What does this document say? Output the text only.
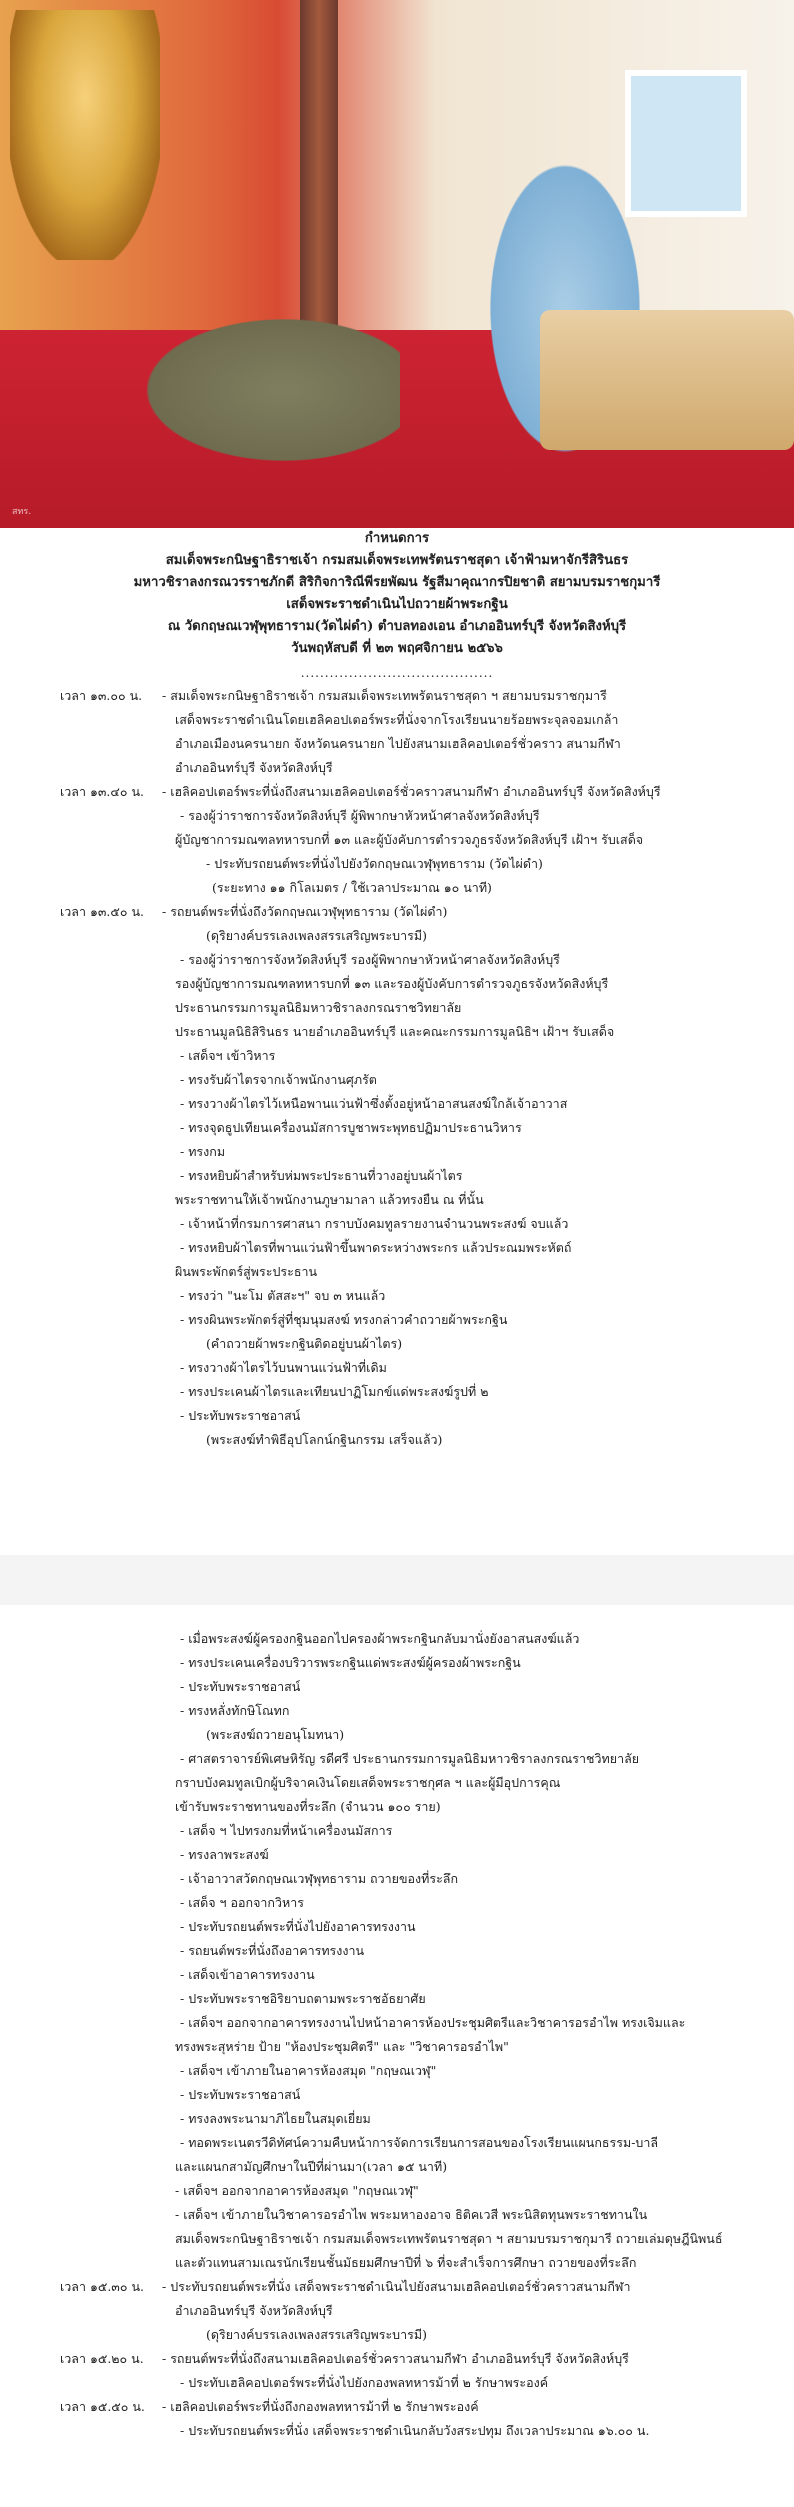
สทร.

กำหนดการ

สมเด็จพระกนิษฐาธิราชเจ้า กรมสมเด็จพระเทพรัตนราชสุดา เจ้าฟ้ามหาจักรีสิรินธร

มหาวชิราลงกรณวรราชภักดี สิริกิจการิณีพีรยพัฒน รัฐสีมาคุณากรปิยชาติ สยามบรมราชกุมารี

เสด็จพระราชดำเนินไปถวายผ้าพระกฐิน

ณ วัดกฤษณเวฬุพุทธาราม(วัดไผ่ดำ) ตำบลทองเอน อำเภออินทร์บุรี จังหวัดสิงห์บุรี

วันพฤหัสบดี ที่ ๒๓ พฤศจิกายน ๒๕๖๖

........................................
เวลา ๑๓.๐๐ น. - สมเด็จพระกนิษฐาธิราชเจ้า กรมสมเด็จพระเทพรัตนราชสุดา ฯ สยามบรมราชกุมารี
เสด็จพระราชดำเนินโดยเฮลิคอปเตอร์พระที่นั่งจากโรงเรียนนายร้อยพระจุลจอมเกล้า
อำเภอเมืองนครนายก จังหวัดนครนายก ไปยังสนามเฮลิคอปเตอร์ชั่วคราว สนามกีฬา
อำเภออินทร์บุรี จังหวัดสิงห์บุรี
เวลา ๑๓.๔๐ น. - เฮลิคอปเตอร์พระที่นั่งถึงสนามเฮลิคอปเตอร์ชั่วคราวสนามกีฬา อำเภออินทร์บุรี จังหวัดสิงห์บุรี
- รองผู้ว่าราชการจังหวัดสิงห์บุรี ผู้พิพากษาหัวหน้าศาลจังหวัดสิงห์บุรี
ผู้บัญชาการมณฑลทหารบกที่ ๑๓ และผู้บังคับการตำรวจภูธรจังหวัดสิงห์บุรี เฝ้าฯ รับเสด็จ
- ประทับรถยนต์พระที่นั่งไปยังวัดกฤษณเวฬุพุทธาราม (วัดไผ่ดำ)
(ระยะทาง ๑๑ กิโลเมตร / ใช้เวลาประมาณ ๑๐ นาที)
เวลา ๑๓.๕๐ น. - รถยนต์พระที่นั่งถึงวัดกฤษณเวฬุพุทธาราม (วัดไผ่ดำ)
(ดุริยางค์บรรเลงเพลงสรรเสริญพระบารมี)
- รองผู้ว่าราชการจังหวัดสิงห์บุรี รองผู้พิพากษาหัวหน้าศาลจังหวัดสิงห์บุรี
รองผู้บัญชาการมณฑลทหารบกที่ ๑๓ และรองผู้บังคับการตำรวจภูธรจังหวัดสิงห์บุรี
ประธานกรรมการมูลนิธิมหาวชิราลงกรณราชวิทยาลัย
ประธานมูลนิธิสิรินธร นายอำเภออินทร์บุรี และคณะกรรมการมูลนิธิฯ เฝ้าฯ รับเสด็จ
- เสด็จฯ เข้าวิหาร
- ทรงรับผ้าไตรจากเจ้าพนักงานศุภรัต
- ทรงวางผ้าไตรไว้เหนือพานแว่นฟ้าซึ่งตั้งอยู่หน้าอาสนสงฆ์ใกล้เจ้าอาวาส
- ทรงจุดธูปเทียนเครื่องนมัสการบูชาพระพุทธปฏิมาประธานวิหาร
- ทรงกม
- ทรงหยิบผ้าสำหรับห่มพระประธานที่วางอยู่บนผ้าไตร
พระราชทานให้เจ้าพนักงานภูษามาลา แล้วทรงยืน ณ ที่นั้น
- เจ้าหน้าที่กรมการศาสนา กราบบังคมทูลรายงานจำนวนพระสงฆ์ จบแล้ว
- ทรงหยิบผ้าไตรที่พานแว่นฟ้าขึ้นพาดระหว่างพระกร แล้วประณมพระหัตถ์
ผินพระพักตร์สู่พระประธาน
- ทรงว่า "นะโม ตัสสะฯ" จบ ๓ หนแล้ว
- ทรงผินพระพักตร์สู่ที่ชุมนุมสงฆ์ ทรงกล่าวคำถวายผ้าพระกฐิน
(คำถวายผ้าพระกฐินติดอยู่บนผ้าไตร)
- ทรงวางผ้าไตรไว้บนพานแว่นฟ้าที่เดิม
- ทรงประเคนผ้าไตรและเทียนปาฏิโมกข์แด่พระสงฆ์รูปที่ ๒
- ประทับพระราชอาสน์
(พระสงฆ์ทำพิธีอุปโลกน์กฐินกรรม เสร็จแล้ว)
- เมื่อพระสงฆ์ผู้ครองกฐินออกไปครองผ้าพระกฐินกลับมานั่งยังอาสนสงฆ์แล้ว
- ทรงประเคนเครื่องบริวารพระกฐินแด่พระสงฆ์ผู้ครองผ้าพระกฐิน
- ประทับพระราชอาสน์
- ทรงหลั่งทักษิโณทก
(พระสงฆ์ถวายอนุโมทนา)
- ศาสตราจารย์พิเศษหิรัญ รดีศรี ประธานกรรมการมูลนิธิมหาวชิราลงกรณราชวิทยาลัย
กราบบังคมทูลเบิกผู้บริจาคเงินโดยเสด็จพระราชกุศล ฯ และผู้มีอุปการคุณ
เข้ารับพระราชทานของที่ระลึก (จำนวน ๑๐๐ ราย)
- เสด็จ ฯ ไปทรงกมที่หน้าเครื่องนมัสการ
- ทรงลาพระสงฆ์
- เจ้าอาวาสวัดกฤษณเวฬุพุทธาราม ถวายของที่ระลึก
- เสด็จ ฯ ออกจากวิหาร
- ประทับรถยนต์พระที่นั่งไปยังอาคารทรงงาน
- รถยนต์พระที่นั่งถึงอาคารทรงงาน
- เสด็จเข้าอาคารทรงงาน
- ประทับพระราชอิริยาบถตามพระราชอัธยาศัย
- เสด็จฯ ออกจากอาคารทรงงานไปหน้าอาคารห้องประชุมศิตรีและวิชาคารอรอำไพ ทรงเจิมและ
ทรงพระสุหร่าย ป้าย "ห้องประชุมศิตรี" และ "วิชาคารอรอำไพ"
- เสด็จฯ เข้าภายในอาคารห้องสมุด "กฤษณเวฬุ"
- ประทับพระราชอาสน์
- ทรงลงพระนามาภิไธยในสมุดเยี่ยม
- ทอดพระเนตรวีดิทัศน์ความคืบหน้าการจัดการเรียนการสอนของโรงเรียนแผนกธรรม-บาลี
และแผนกสามัญศึกษาในปีที่ผ่านมา(เวลา ๑๕ นาที)
- เสด็จฯ ออกจากอาคารห้องสมุด "กฤษณเวฬุ"
- เสด็จฯ เข้าภายในวิชาคารอรอำไพ พระมหาองอาจ ธิติคเวสี พระนิสิตทุนพระราชทานใน
สมเด็จพระกนิษฐาธิราชเจ้า กรมสมเด็จพระเทพรัตนราชสุดา ฯ สยามบรมราชกุมารี ถวายเล่มดุษฎีนิพนธ์
และตัวแทนสามเณรนักเรียนชั้นมัธยมศึกษาปีที่ ๖ ที่จะสำเร็จการศึกษา ถวายของที่ระลึก
เวลา ๑๕.๓๐ น. - ประทับรถยนต์พระที่นั่ง เสด็จพระราชดำเนินไปยังสนามเฮลิคอปเตอร์ชั่วคราวสนามกีฬา
อำเภออินทร์บุรี จังหวัดสิงห์บุรี
(ดุริยางค์บรรเลงเพลงสรรเสริญพระบารมี)
เวลา ๑๕.๒๐ น. - รถยนต์พระที่นั่งถึงสนามเฮลิคอปเตอร์ชั่วคราวสนามกีฬา อำเภออินทร์บุรี จังหวัดสิงห์บุรี
- ประทับเฮลิคอปเตอร์พระที่นั่งไปยังกองพลทหารม้าที่ ๒ รักษาพระองค์
เวลา ๑๕.๕๐ น. - เฮลิคอปเตอร์พระที่นั่งถึงกองพลทหารม้าที่ ๒ รักษาพระองค์
- ประทับรถยนต์พระที่นั่ง เสด็จพระราชดำเนินกลับวังสระปทุม ถึงเวลาประมาณ ๑๖.๐๐ น.
